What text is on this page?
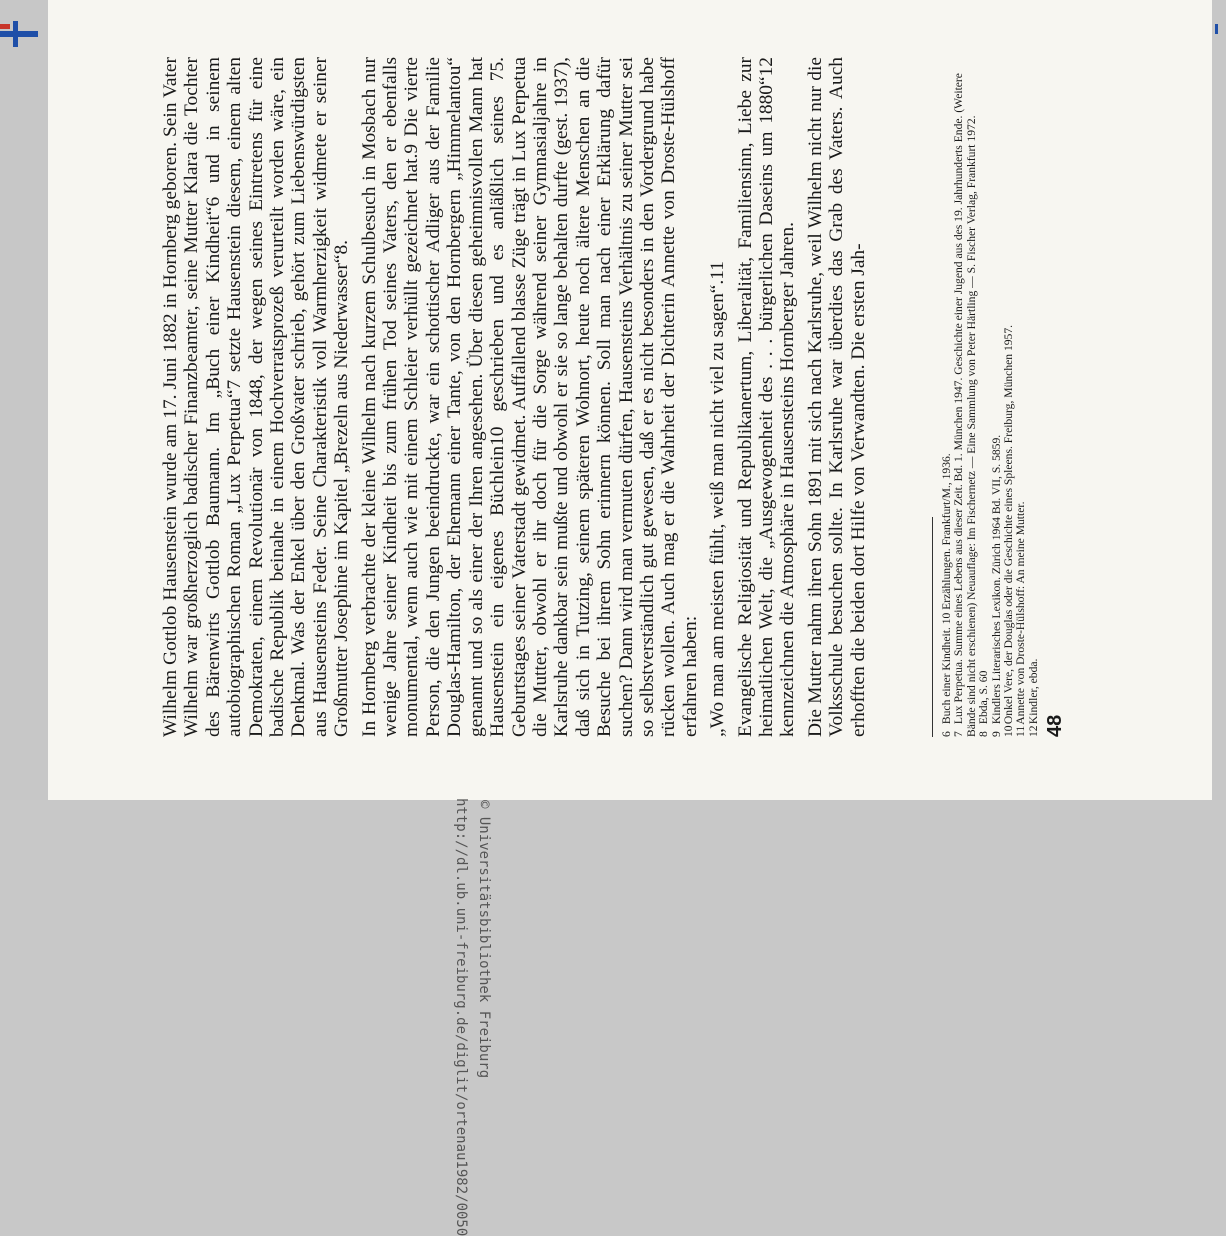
Wilhelm Gottlob Hausenstein wurde am 17. Juni 1882 in Hornberg geboren. Sein Vater Wilhelm war großherzoglich badischer Finanzbeamter, seine Mutter Klara die Tochter des Bärenwirts Gottlob Baumann. Im „Buch einer Kindheit“6 und in seinem autobiographischen Roman „Lux Perpetua“7 setzte Hausenstein diesem, einem alten Demokraten, einem Revolutionär von 1848, der wegen seines Eintretens für eine badische Republik beinahe in einem Hochverratsprozeß verurteilt worden wäre, ein Denkmal. Was der Enkel über den Großvater schrieb, gehört zum Liebenswürdigsten aus Hausensteins Feder. Seine Charakteristik voll Warmherzigkeit widmete er seiner Großmutter Josephine im Kapitel „Brezeln aus Niederwasser“8. In Hornberg verbrachte der kleine Wilhelm nach kurzem Schulbesuch in Mosbach nur wenige Jahre seiner Kindheit bis zum frühen Tod seines Vaters, den er ebenfalls monumental, wenn auch wie mit einem Schleier verhüllt gezeichnet hat.9 Die vierte Person, die den Jungen beeindruckte, war ein schottischer Adliger aus der Familie Douglas-Hamilton, der Ehemann einer Tante, von den Hornbergern „Himmelantou“ genannt und so als einer der Ihren angesehen. Über diesen geheimnisvollen Mann hat Hausenstein ein eigenes Büchlein10 geschrieben und es anläßlich seines 75. Geburtstages seiner Vaterstadt gewidmet. Auffallend blasse Züge trägt in Lux Perpetua die Mutter, obwohl er ihr doch für die Sorge während seiner Gymnasialjahre in Karlsruhe dankbar sein mußte und obwohl er sie so lange behalten durfte (gest. 1937), daß sich in Tutzing, seinem späteren Wohnort, heute noch ältere Menschen an die Besuche bei ihrem Sohn erinnern können. Soll man nach einer Erklärung dafür suchen? Dann wird man vermuten dürfen, Hausensteins Verhältnis zu seiner Mutter sei so selbstverständlich gut gewesen, daß er es nicht besonders in den Vordergrund habe rücken wollen. Auch mag er die Wahrheit der Dichterin Annette von Droste-Hülshoff erfahren haben: „Wo man am meisten fühlt, weiß man nicht viel zu sagen“.11 Evangelische Religiosität und Republikanertum, Liberalität, Familiensinn, Liebe zur heimatlichen Welt, die „Ausgewogenheit des . . . bürgerlichen Daseins um 1880“12 kennzeichnen die Atmosphäre in Hausensteins Hornberger Jahren. Die Mutter nahm ihren Sohn 1891 mit sich nach Karlsruhe, weil Wilhelm nicht nur die Volksschule besuchen sollte. In Karlsruhe war überdies das Grab des Vaters. Auch erhofften die beiden dort Hilfe von Verwandten. Die ersten Jah-	6 Buch einer Kindheit. 10 Erzählungen. Frankfurt/M., 1936.

7 Lux Perpetua. Summe eines Lebens aus dieser Zeit. Bd. 1. München 1947. Geschichte einer Jugend aus des 19. Jahrhunderts Ende. (Weitere Bände sind nicht erschienen) Neuauflage: Im Fischernetz — Eine Sammlung von Peter Härtling — S. Fischer Verlag, Frankfurt 1972. 8 Ebda, S. 60

9 Kindlers Literarisches Lexikon. Zürich 1964 Bd. VII, S. 5859.

10 Onkel Vere, der Douglas oder die Geschichte eines Spleens. Freiburg, München 1957.

11 Annette von Droste-Hülshoff: An meine Mutter.

12 Kindler, ebda.

48
http://dl.ub.uni-freiburg.de/diglit/ortenau1982/0050 © Universitätsbibliothek Freiburg
